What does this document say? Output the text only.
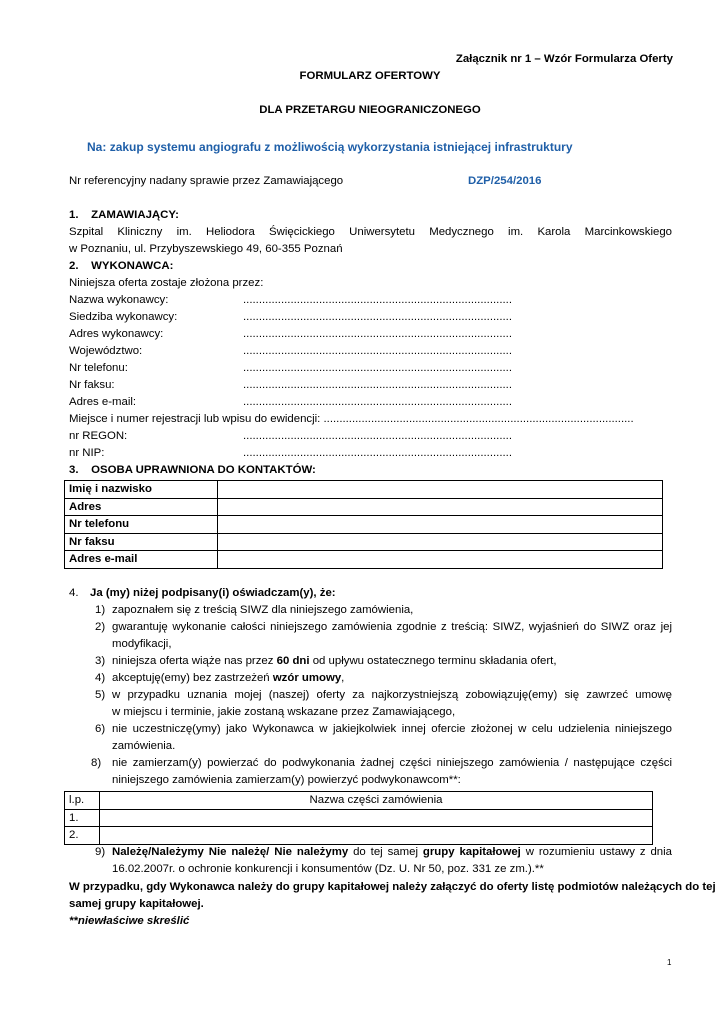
Załącznik nr 1 – Wzór Formularza Oferty
FORMULARZ OFERTOWY
DLA PRZETARGU NIEOGRANICZONEGO
Na: zakup systemu angiografu z możliwością wykorzystania istniejącej infrastruktury
Nr referencyjny nadany sprawie przez Zamawiającego	DZP/254/2016
1.    ZAMAWIAJĄCY:
Szpital Kliniczny im. Heliodora Święcickiego Uniwersytetu Medycznego im. Karola Marcinkowskiego
w Poznaniu, ul. Przybyszewskiego 49, 60-355 Poznań
2.    WYKONAWCA:
Niniejsza oferta zostaje złożona przez:
Nazwa wykonawcy:	.....................................................................................
Siedziba wykonawcy:	.....................................................................................
Adres wykonawcy:	.....................................................................................
Województwo:	.....................................................................................
Nr telefonu:	.....................................................................................
Nr faksu:	.....................................................................................
Adres e-mail:	.....................................................................................
Miejsce i numer rejestracji lub wpisu do ewidencji: ..................................................................................................
nr REGON:	.....................................................................................
nr NIP:	.....................................................................................
3.    OSOBA UPRAWNIONA DO KONTAKTÓW:
Imię i nazwisko	
Adres	
Nr telefonu	
Nr faksu	
Adres e-mail	
4. Ja (my) niżej podpisany(i) oświadczam(y), że:
1) zapoznałem się z treścią SIWZ dla niniejszego zamówienia,
2) gwarantuję wykonanie całości niniejszego zamówienia zgodnie z treścią: SIWZ, wyjaśnień do SIWZ oraz jej
modyfikacji,
3) niniejsza oferta wiąże nas przez 60 dni od upływu ostatecznego terminu składania ofert,
4) akceptuję(emy) bez zastrzeżeń wzór umowy,
5) w przypadku uznania mojej (naszej) oferty za najkorzystniejszą zobowiązuję(emy) się zawrzeć umowę
w miejscu i terminie, jakie zostaną wskazane przez Zamawiającego,
6) nie uczestniczę(ymy) jako Wykonawca w jakiejkolwiek innej ofercie złożonej w celu udzielenia niniejszego
zamówienia.
8) nie zamierzam(y) powierzać do podwykonania żadnej części niniejszego zamówienia / następujące części
niniejszego zamówienia zamierzam(y) powierzyć podwykonawcom**:
l.p.	Nazwa części zamówienia
1.	
2.	
9) Należę/Należymy Nie należę/ Nie należymy do tej samej grupy kapitałowej w rozumieniu ustawy z dnia
16.02.2007r. o ochronie konkurencji i konsumentów (Dz. U. Nr 50, poz. 331 ze zm.).**
W przypadku, gdy Wykonawca należy do grupy kapitałowej należy załączyć do oferty listę podmiotów należących do tej
samej grupy kapitałowej.
**niewłaściwe skreślić
1
